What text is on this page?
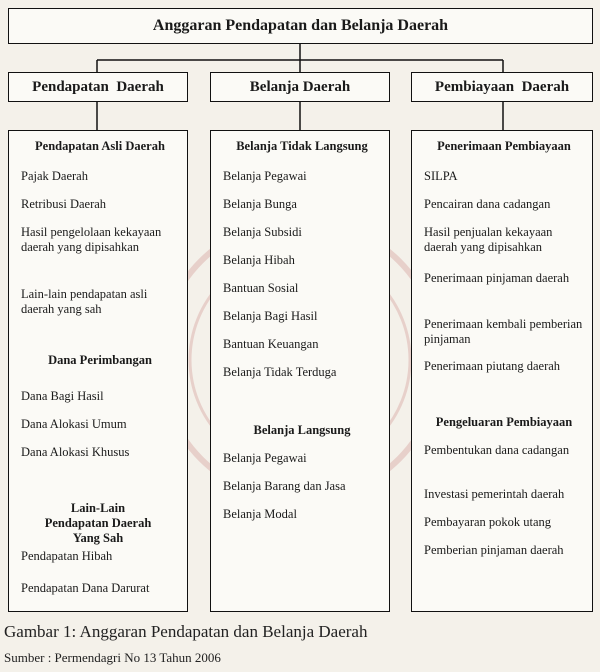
Anggaran Pendapatan dan Belanja Daerah
Pendapatan  Daerah	Belanja Daerah	Pembiayaan  Daerah
Pendapatan Asli Daerah
Pajak Daerah
Retribusi Daerah
Hasil pengelolaan kekayaan daerah yang dipisahkan
Lain-lain pendapatan asli daerah yang sah
Dana Perimbangan
Dana Bagi Hasil
Dana Alokasi Umum
Dana Alokasi Khusus
Lain-Lain Pendapatan Daerah Yang Sah
Pendapatan Hibah
Pendapatan Dana Darurat
Belanja Tidak Langsung
Belanja Pegawai
Belanja Bunga
Belanja Subsidi
Belanja Hibah
Bantuan Sosial
Belanja Bagi Hasil
Bantuan Keuangan
Belanja Tidak Terduga
Belanja Langsung
Belanja Pegawai
Belanja Barang dan Jasa
Belanja Modal
Penerimaan Pembiayaan
SILPA
Pencairan dana cadangan
Hasil penjualan kekayaan daerah yang dipisahkan
Penerimaan pinjaman daerah
Penerimaan kembali pemberian pinjaman
Penerimaan piutang daerah
Pengeluaran Pembiayaan
Pembentukan dana cadangan
Investasi pemerintah daerah
Pembayaran pokok utang
Pemberian pinjaman daerah
Gambar 1: Anggaran Pendapatan dan Belanja Daerah
Sumber : Permendagri No 13 Tahun 2006
